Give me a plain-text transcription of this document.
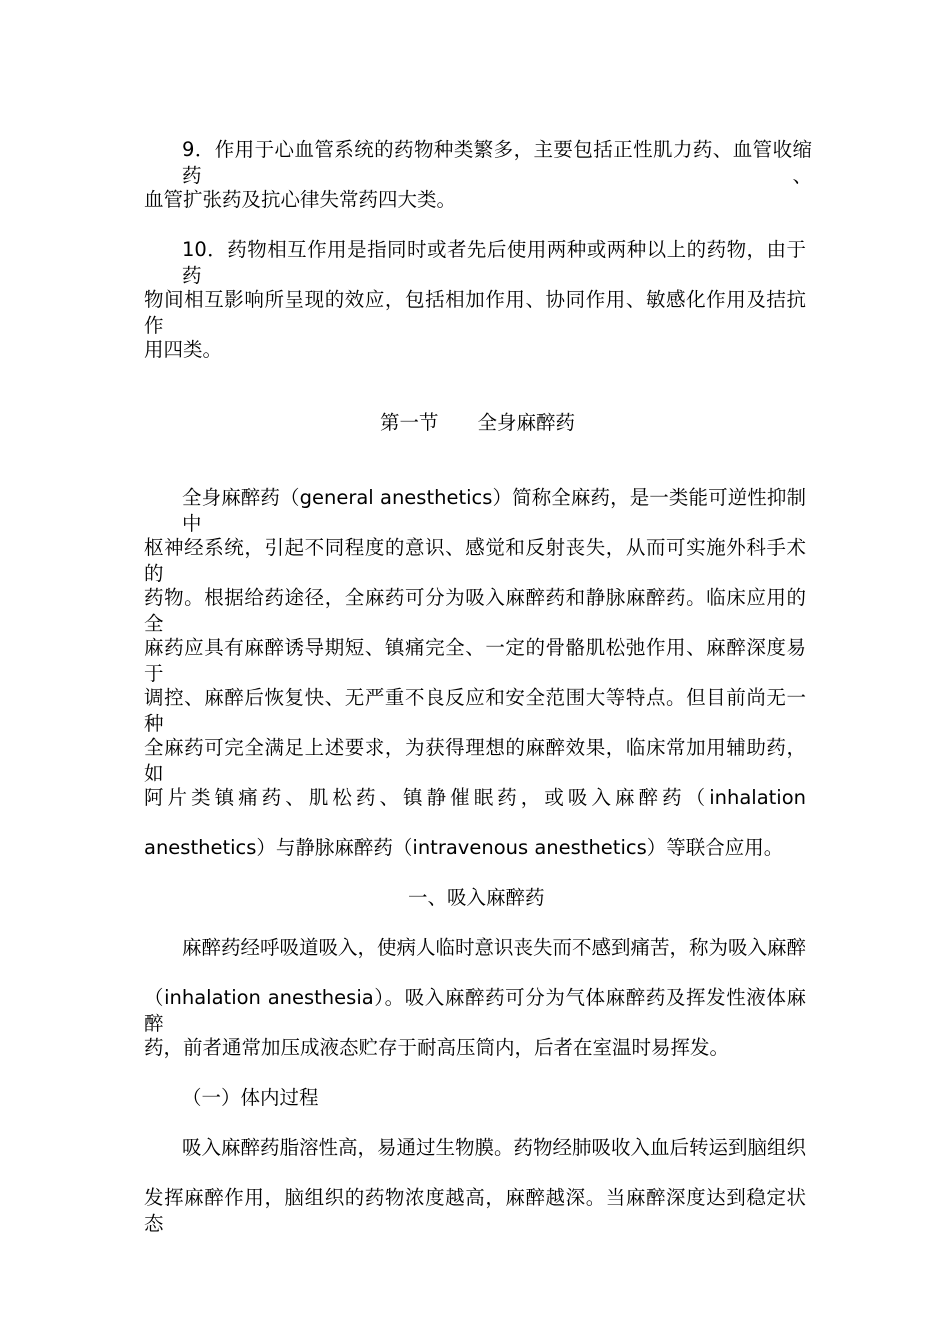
9．作用于心血管系统的药物种类繁多，主要包括正性肌力药、血管收缩药、
血管扩张药及抗心律失常药四大类。
10．药物相互作用是指同时或者先后使用两种或两种以上的药物，由于药
物间相互影响所呈现的效应，包括相加作用、协同作用、敏感化作用及拮抗作
用四类。
第一节　　全身麻醉药
全身麻醉药（general anesthetics）简称全麻药，是一类能可逆性抑制中
枢神经系统，引起不同程度的意识、感觉和反射丧失，从而可实施外科手术的
药物。根据给药途径，全麻药可分为吸入麻醉药和静脉麻醉药。临床应用的全
麻药应具有麻醉诱导期短、镇痛完全、一定的骨骼肌松弛作用、麻醉深度易于
调控、麻醉后恢复快、无严重不良反应和安全范围大等特点。但目前尚无一种
全麻药可完全满足上述要求，为获得理想的麻醉效果，临床常加用辅助药，如
阿片类镇痛药、肌松药、镇静催眠药，或吸入麻醉药（inhalation
anesthetics）与静脉麻醉药（intravenous anesthetics）等联合应用。
一、吸入麻醉药
麻醉药经呼吸道吸入，使病人临时意识丧失而不感到痛苦，称为吸入麻醉
（inhalation anesthesia）。吸入麻醉药可分为气体麻醉药及挥发性液体麻醉
药，前者通常加压成液态贮存于耐高压筒内，后者在室温时易挥发。
（一）体内过程
吸入麻醉药脂溶性高，易通过生物膜。药物经肺吸收入血后转运到脑组织
发挥麻醉作用，脑组织的药物浓度越高，麻醉越深。当麻醉深度达到稳定状态
